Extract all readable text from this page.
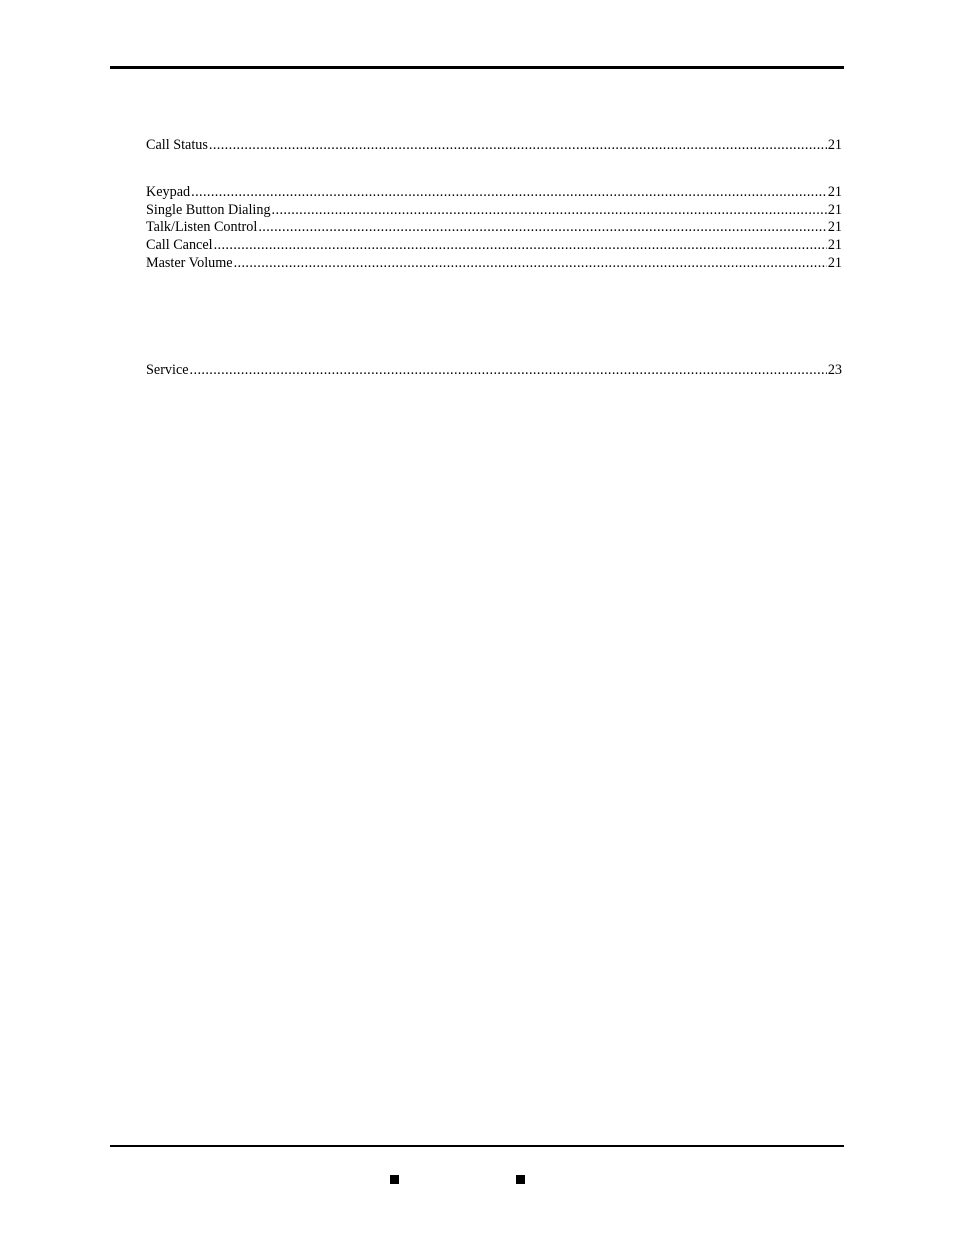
Call Status .....	21
Keypad .....	21
Single Button Dialing .....	21
Talk/Listen Control .....	21
Call Cancel .....	21
Master Volume .....	21
Service .....	23
